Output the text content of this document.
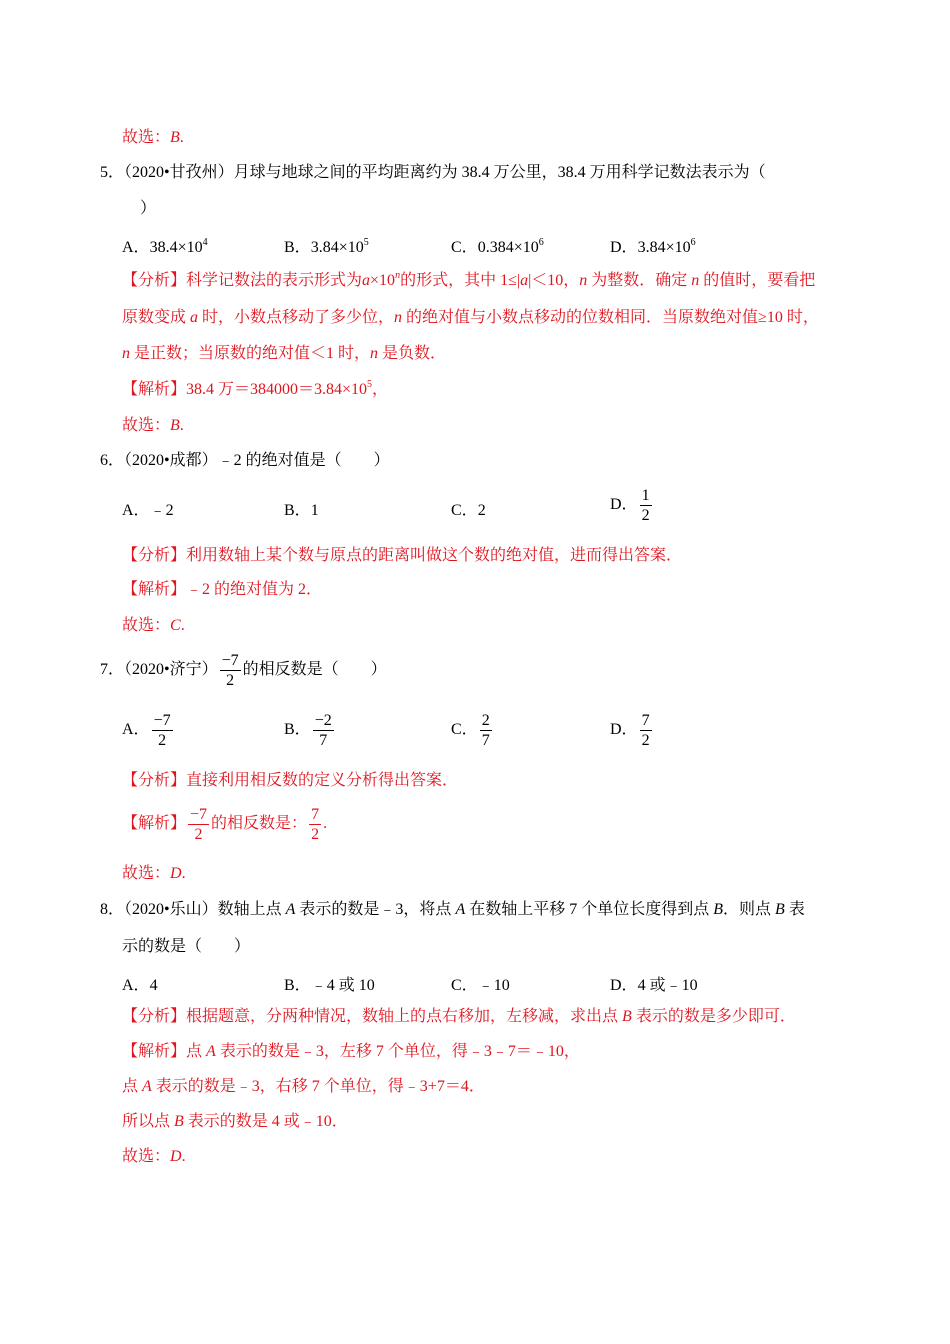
故选：B.
5．（2020•甘孜州）月球与地球之间的平均距离约为 38.4 万公里，38.4 万用科学记数法表示为（
）
A．$38.4\times 10^4$	B．$3.84\times 10^5$	C．$0.384\times 10^6$	D．$3.84\times 10^6$
【分析】科学记数法的表示形式为$a\times 10^n$的形式，其中 1≤|a|＜10，n 为整数．确定 n 的值时，要看把
原数变成 a 时，小数点移动了多少位，n 的绝对值与小数点移动的位数相同．当原数绝对值≥10 时，
n 是正数；当原数的绝对值＜1 时，n 是负数．
【解析】38.4 万$=384000=3.84\times 10^5$，
故选：B.
6．（2020•成都）﹣2 的绝对值是（　　）
A．﹣2	B．1	C．2	D． $\frac{1}{2}$
【分析】利用数轴上某个数与原点的距离叫做这个数的绝对值，进而得出答案．
【解析】﹣2 的绝对值为 2．
故选：C.
7．（2020•济宁） $\frac{-7}{2}$ 的相反数是（　　）
A． $\frac{-7}{2}$	B． $\frac{-2}{7}$	C． $\frac{2}{7}$	D． $\frac{7}{2}$
【分析】直接利用相反数的定义分析得出答案．
【解析】 $\frac{-7}{2}$ 的相反数是： $\frac{7}{2}$ .
故选：D.
8．（2020•乐山）数轴上点 A 表示的数是﹣3，将点 A 在数轴上平移 7 个单位长度得到点 B．则点 B 表
示的数是（　　）
A．4	B．﹣4 或 10	C．﹣10	D．4 或﹣10
【分析】根据题意，分两种情况，数轴上的点右移加，左移减，求出点 B 表示的数是多少即可．
【解析】点 A 表示的数是﹣3，左移 7 个单位，得﹣3﹣7＝﹣10，
点 A 表示的数是﹣3，右移 7 个单位，得﹣3+7＝4．
所以点 B 表示的数是 4 或﹣10．
故选：D.
